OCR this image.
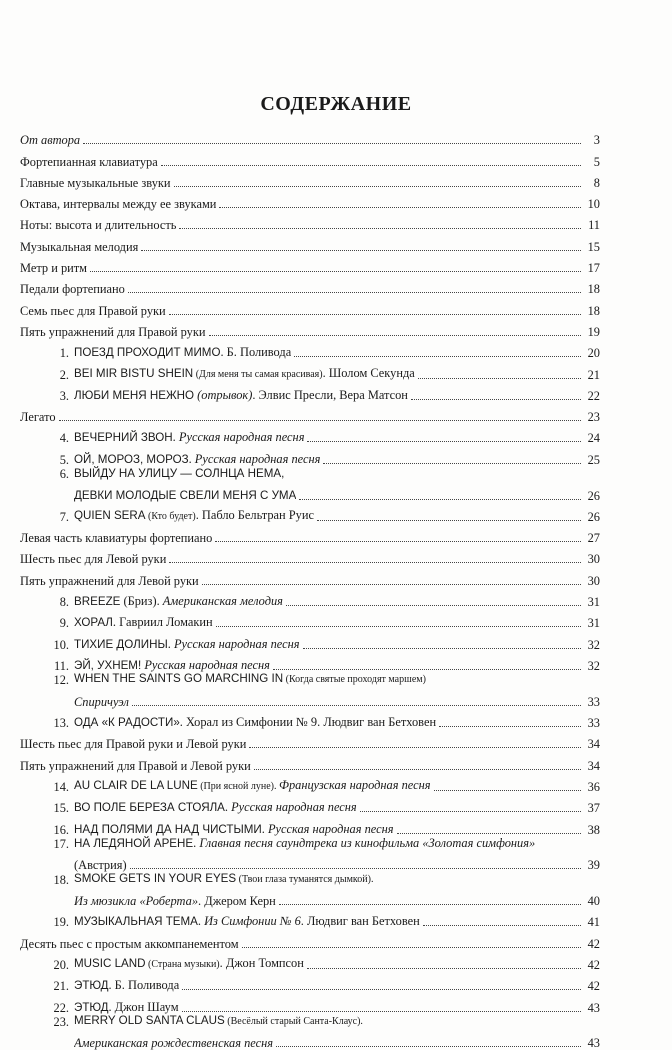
СОДЕРЖАНИЕ
От автора	3
Фортепианная клавиатура	5
Главные музыкальные звуки	8
Октава, интервалы между ее звуками	10
Ноты: высота и длительность	11
Музыкальная мелодия	15
Метр и ритм	17
Педали фортепиано	18
Семь пьес для Правой руки	18
Пять упражнений для Правой руки	19
1. ПОЕЗД ПРОХОДИТ МИМО. Б. Поливода	20
2. BEI MIR BISTU SHEIN (Для меня ты самая красивая). Шолом Секунда	21
3. ЛЮБИ МЕНЯ НЕЖНО (отрывок). Элвис Пресли, Вера Матсон	22
Легато	23
4. ВЕЧЕРНИЙ ЗВОН. Русская народная песня	24
5. ОЙ, МОРОЗ, МОРОЗ. Русская народная песня	25
6. ВЫЙДУ НА УЛИЦУ — СОЛНЦА НЕМА,
ДЕВКИ МОЛОДЫЕ СВЕЛИ МЕНЯ С УМА	26
7. QUIEN SERA (Кто будет). Пабло Бельтран Руис	26
Левая часть клавиатуры фортепиано	27
Шесть пьес для Левой руки	30
Пять упражнений для Левой руки	30
8. BREEZE (Бриз). Американская мелодия	31
9. ХОРАЛ. Гавриил Ломакин	31
10. ТИХИЕ ДОЛИНЫ. Русская народная песня	32
11. ЭЙ, УХНЕМ! Русская народная песня	32
12. WHEN THE SAINTS GO MARCHING IN (Когда святые проходят маршем)
Спиричуэл	33
13. ОДА «К РАДОСТИ». Хорал из Симфонии № 9. Людвиг ван Бетховен	33
Шесть пьес для Правой руки и Левой руки	34
Пять упражнений для Правой и Левой руки	34
14. AU CLAIR DE LA LUNE (При ясной луне). Французская народная песня	36
15. ВО ПОЛЕ БЕРЕЗА СТОЯЛА. Русская народная песня	37
16. НАД ПОЛЯМИ ДА НАД ЧИСТЫМИ. Русская народная песня	38
17. НА ЛЕДЯНОЙ АРЕНЕ. Главная песня саундтрека из кинофильма «Золотая симфония»
(Австрия)	39
18. SMOKE GETS IN YOUR EYES (Твои глаза туманятся дымкой).
Из мюзикла «Роберта». Джером Керн	40
19. МУЗЫКАЛЬНАЯ ТЕМА. Из Симфонии № 6. Людвиг ван Бетховен	41
Десять пьес с простым аккомпанементом	42
20. MUSIC LAND (Страна музыки). Джон Томпсон	42
21. ЭТЮД. Б. Поливода	42
22. ЭТЮД. Джон Шаум	43
23. MERRY OLD SANTA CLAUS (Весёлый старый Санта-Клаус).
Американская рождественская песня	43
